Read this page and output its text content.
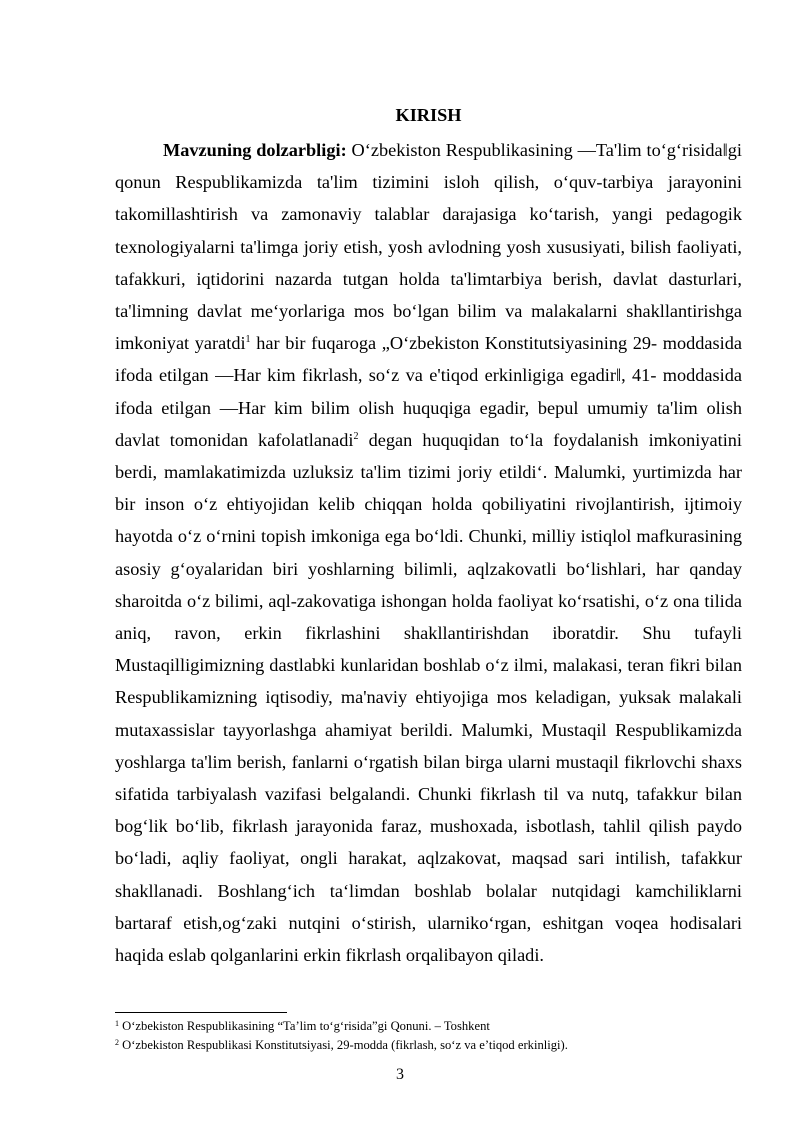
KIRISH

Mavzuning dolzarbligi: O‘zbekiston Respublikasining ―Ta'lim to‘g‘risida‖gi qonun Respublikamizda ta'lim tizimini isloh qilish, o‘quv-tarbiya jarayonini takomillashtirish va zamonaviy talablar darajasiga ko‘tarish, yangi pedagogik texnologiyalarni ta'limga joriy etish, yosh avlodning yosh xususiyati, bilish faoliyati, tafakkuri, iqtidorini nazarda tutgan holda ta'limtarbiya berish, davlat dasturlari, ta'limning davlat me‘yorlariga mos bo‘lgan bilim va malakalarni shakllantirishga imkoniyat yaratdi$^1$ har bir fuqaroga „O‘zbekiston Konstitutsiyasining 29- moddasida ifoda etilgan ―Har kim fikrlash, so‘z va e'tiqod erkinligiga egadir‖, 41- moddasida ifoda etilgan ―Har kim bilim olish huquqiga egadir, bepul umumiy ta'lim olish davlat tomonidan kafolatlanadi$^2$ degan huquqidan to‘la foydalanish imkoniyatini berdi, mamlakatimizda uzluksiz ta'lim tizimi joriy etildi‘. Malumki, yurtimizda har bir inson o‘z ehtiyojidan kelib chiqqan holda qobiliyatini rivojlantirish, ijtimoiy hayotda o‘z o‘rnini topish imkoniga ega bo‘ldi. Chunki, milliy istiqlol mafkurasining asosiy g‘oyalaridan biri yoshlarning bilimli, aqlzakovatli bo‘lishlari, har qanday sharoitda o‘z bilimi, aql-zakovatiga ishongan holda faoliyat ko‘rsatishi, o‘z ona tilida aniq, ravon, erkin fikrlashini shakllantirishdan iboratdir. Shu tufayli Mustaqilligimizning dastlabki kunlaridan boshlab o‘z ilmi, malakasi, teran fikri bilan Respublikamizning iqtisodiy, ma'naviy ehtiyojiga mos keladigan, yuksak malakali mutaxassislar tayyorlashga ahamiyat berildi. Malumki, Mustaqil Respublikamizda yoshlarga ta'lim berish, fanlarni o‘rgatish bilan birga ularni mustaqil fikrlovchi shaxs sifatida tarbiyalash vazifasi belgalandi. Chunki fikrlash til va nutq, tafakkur bilan bog‘lik bo‘lib, fikrlash jarayonida faraz, mushoxada, isbotlash, tahlil qilish paydo bo‘ladi, aqliy faoliyat, ongli harakat, aqlzakovat, maqsad sari intilish, tafakkur shakllanadi. Boshlang‘ich ta‘limdan boshlab bolalar nutqidagi kamchiliklarni bartaraf etish,og‘zaki nutqini o‘stirish, ularniko‘rgan, eshitgan voqea hodisalari haqida eslab qolganlarini erkin fikrlash orqalibayon qiladi.

$^1$ O‘zbekiston Respublikasining “Ta’lim to‘g‘risida”gi Qonuni. – Toshkent
$^2$ O‘zbekiston Respublikasi Konstitutsiyasi, 29-modda (fikrlash, so‘z va e’tiqod erkinligi).
3
